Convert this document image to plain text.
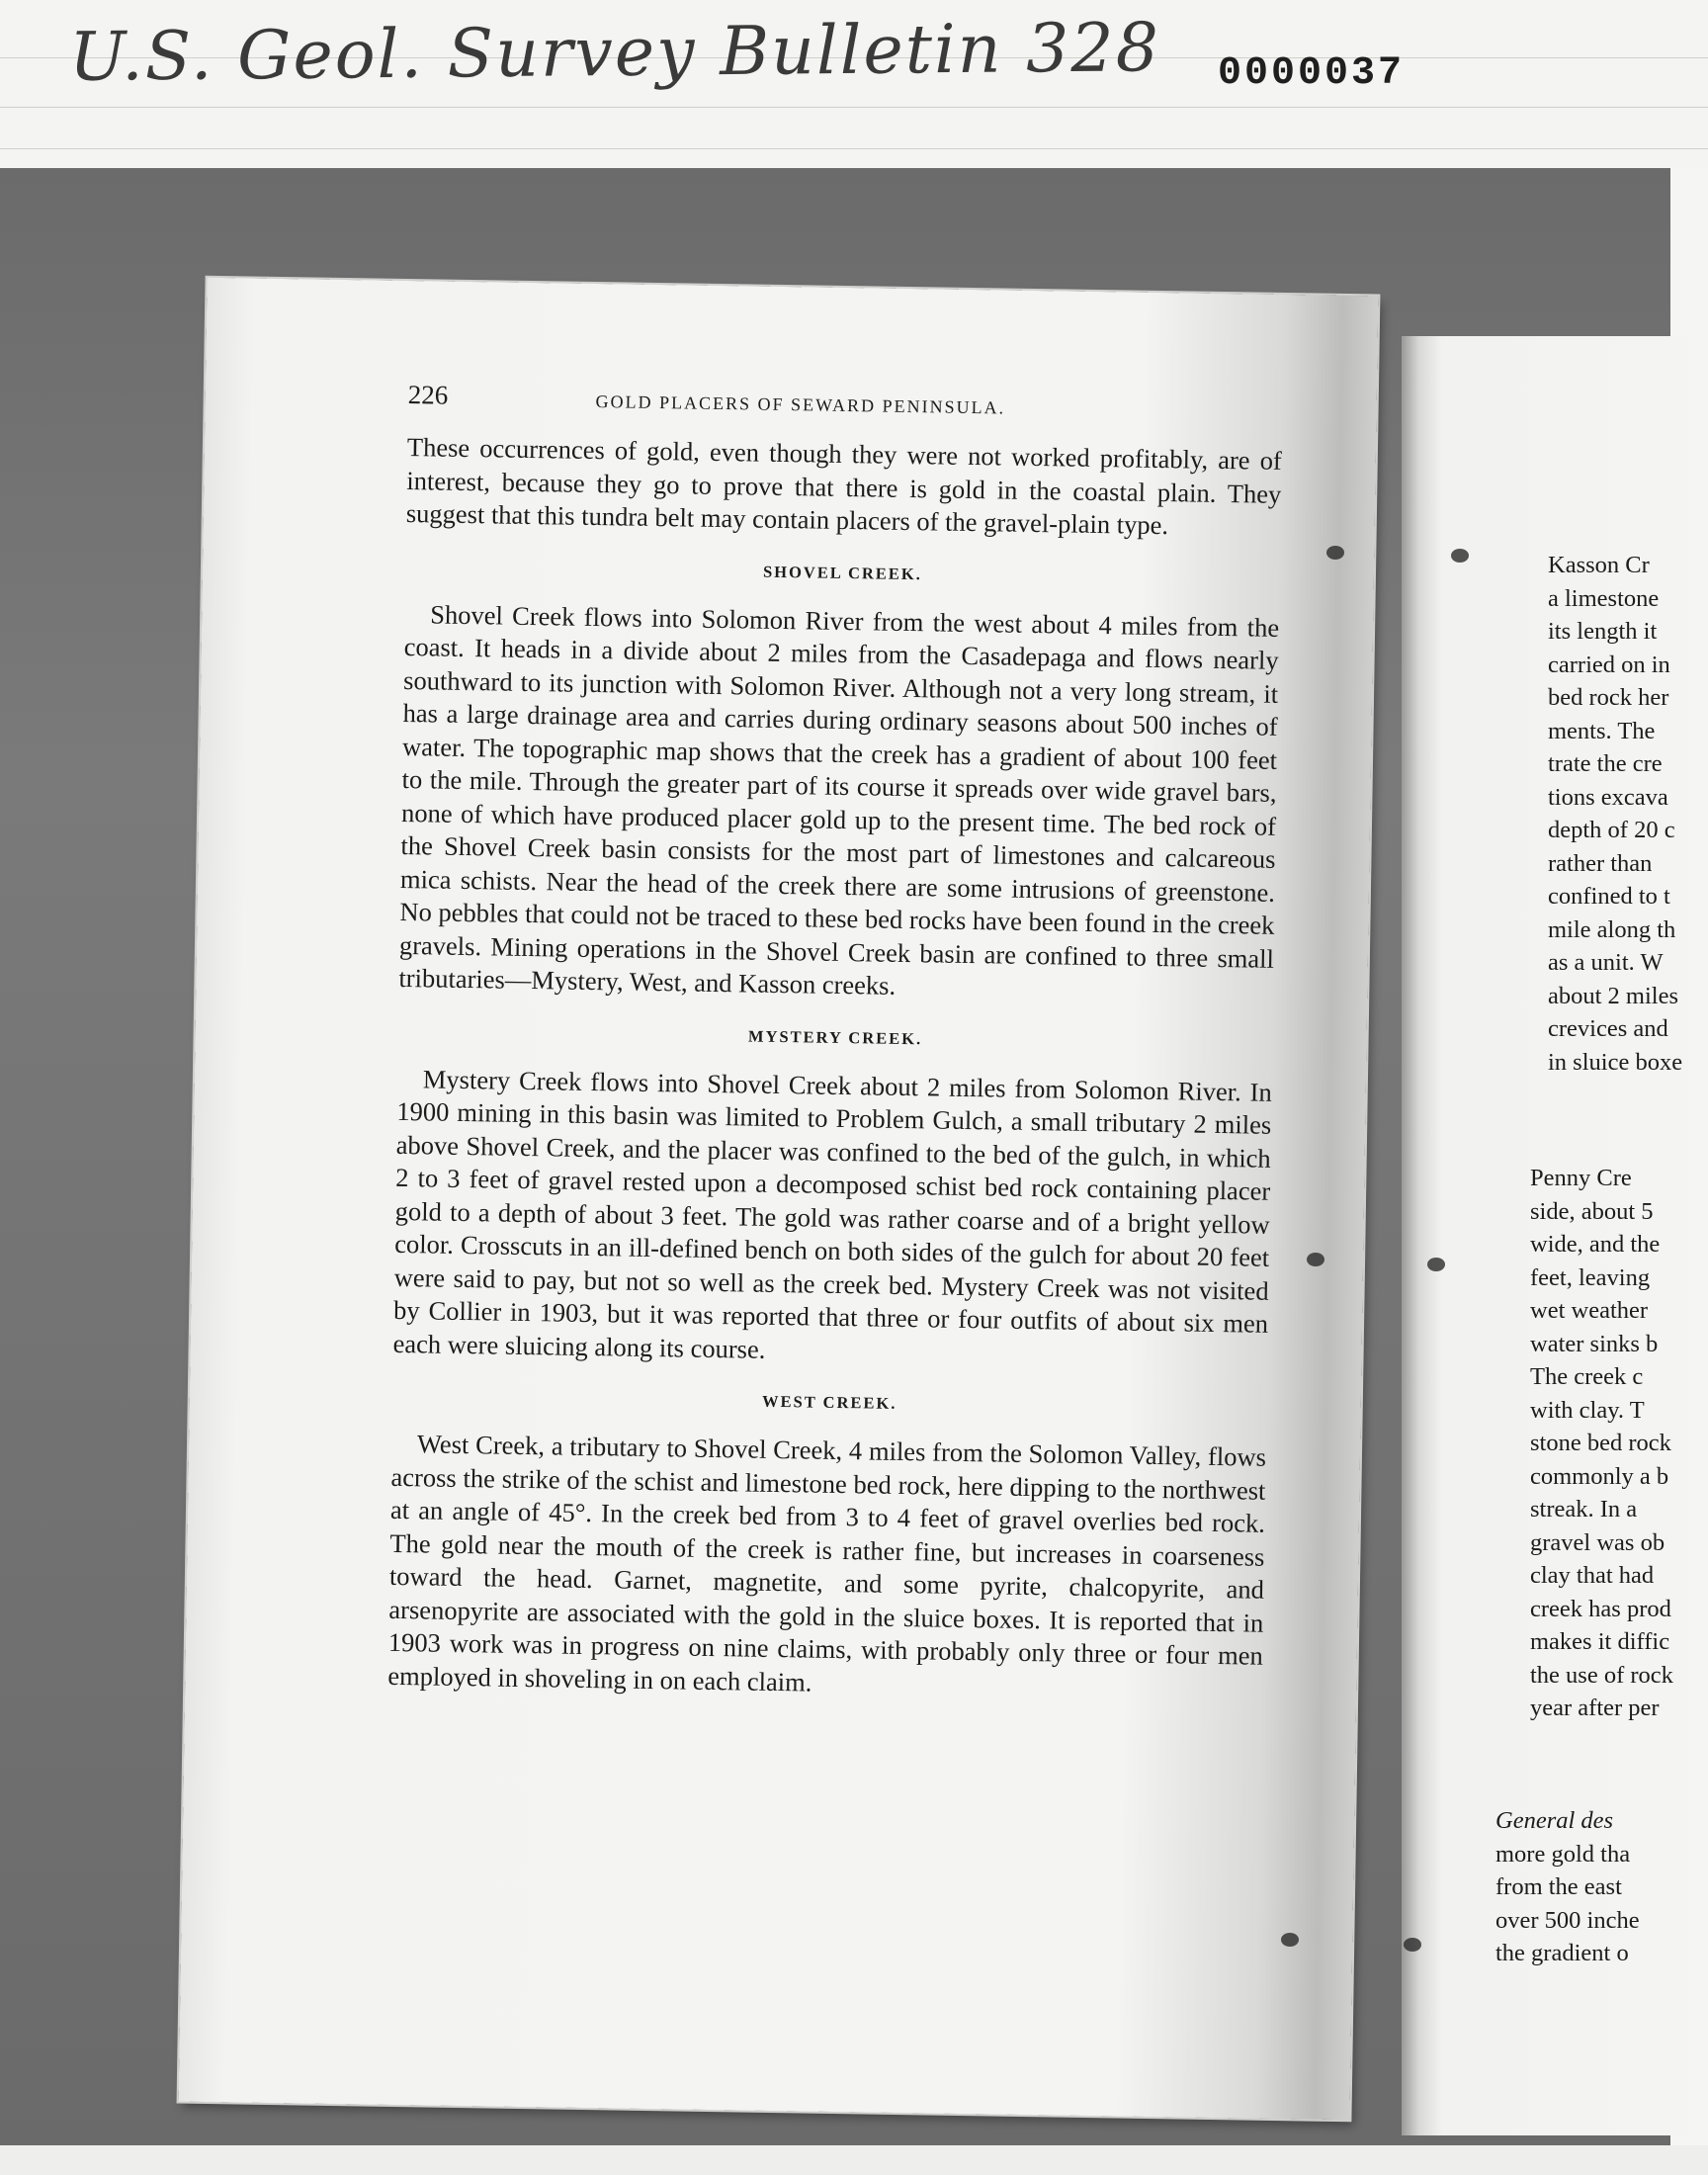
U.S. Geol. Survey Bulletin 328 0000037
Kasson Cr
a limestone
its length it
carried on in
bed rock her
ments. The
trate the cre
tions excava
depth of 20 c
rather than
confined to t
mile along th
as a unit. W
about 2 miles
crevices and
in sluice boxe
Penny Cre
side, about 5
wide, and the
feet, leaving
wet weather
water sinks b
The creek c
with clay. T
stone bed rock
commonly a b
streak. In a
gravel was ob
clay that had
creek has prod
makes it diffic
the use of rock
year after per
General des
more gold tha
from the east
over 500 inche
the gradient o
226	GOLD PLACERS OF SEWARD PENINSULA.

These occurrences of gold, even though they were not worked profitably, are of interest, because they go to prove that there is gold in the coastal plain. They suggest that this tundra belt may contain placers of the gravel-plain type.

SHOVEL CREEK.

Shovel Creek flows into Solomon River from the west about 4 miles from the coast. It heads in a divide about 2 miles from the Casadepaga and flows nearly southward to its junction with Solomon River. Although not a very long stream, it has a large drainage area and carries during ordinary seasons about 500 inches of water. The topographic map shows that the creek has a gradient of about 100 feet to the mile. Through the greater part of its course it spreads over wide gravel bars, none of which have produced placer gold up to the present time. The bed rock of the Shovel Creek basin consists for the most part of limestones and calcareous mica schists. Near the head of the creek there are some intrusions of greenstone. No pebbles that could not be traced to these bed rocks have been found in the creek gravels. Mining operations in the Shovel Creek basin are confined to three small tributaries—Mystery, West, and Kasson creeks.

MYSTERY CREEK.

Mystery Creek flows into Shovel Creek about 2 miles from Solomon River. In 1900 mining in this basin was limited to Problem Gulch, a small tributary 2 miles above Shovel Creek, and the placer was confined to the bed of the gulch, in which 2 to 3 feet of gravel rested upon a decomposed schist bed rock containing placer gold to a depth of about 3 feet. The gold was rather coarse and of a bright yellow color. Crosscuts in an ill-defined bench on both sides of the gulch for about 20 feet were said to pay, but not so well as the creek bed. Mystery Creek was not visited by Collier in 1903, but it was reported that three or four outfits of about six men each were sluicing along its course.

WEST CREEK.

West Creek, a tributary to Shovel Creek, 4 miles from the Solomon Valley, flows across the strike of the schist and limestone bed rock, here dipping to the northwest at an angle of 45°. In the creek bed from 3 to 4 feet of gravel overlies bed rock. The gold near the mouth of the creek is rather fine, but increases in coarseness toward the head. Garnet, magnetite, and some pyrite, chalcopyrite, and arsenopyrite are associated with the gold in the sluice boxes. It is reported that in 1903 work was in progress on nine claims, with probably only three or four men employed in shoveling in on each claim.
